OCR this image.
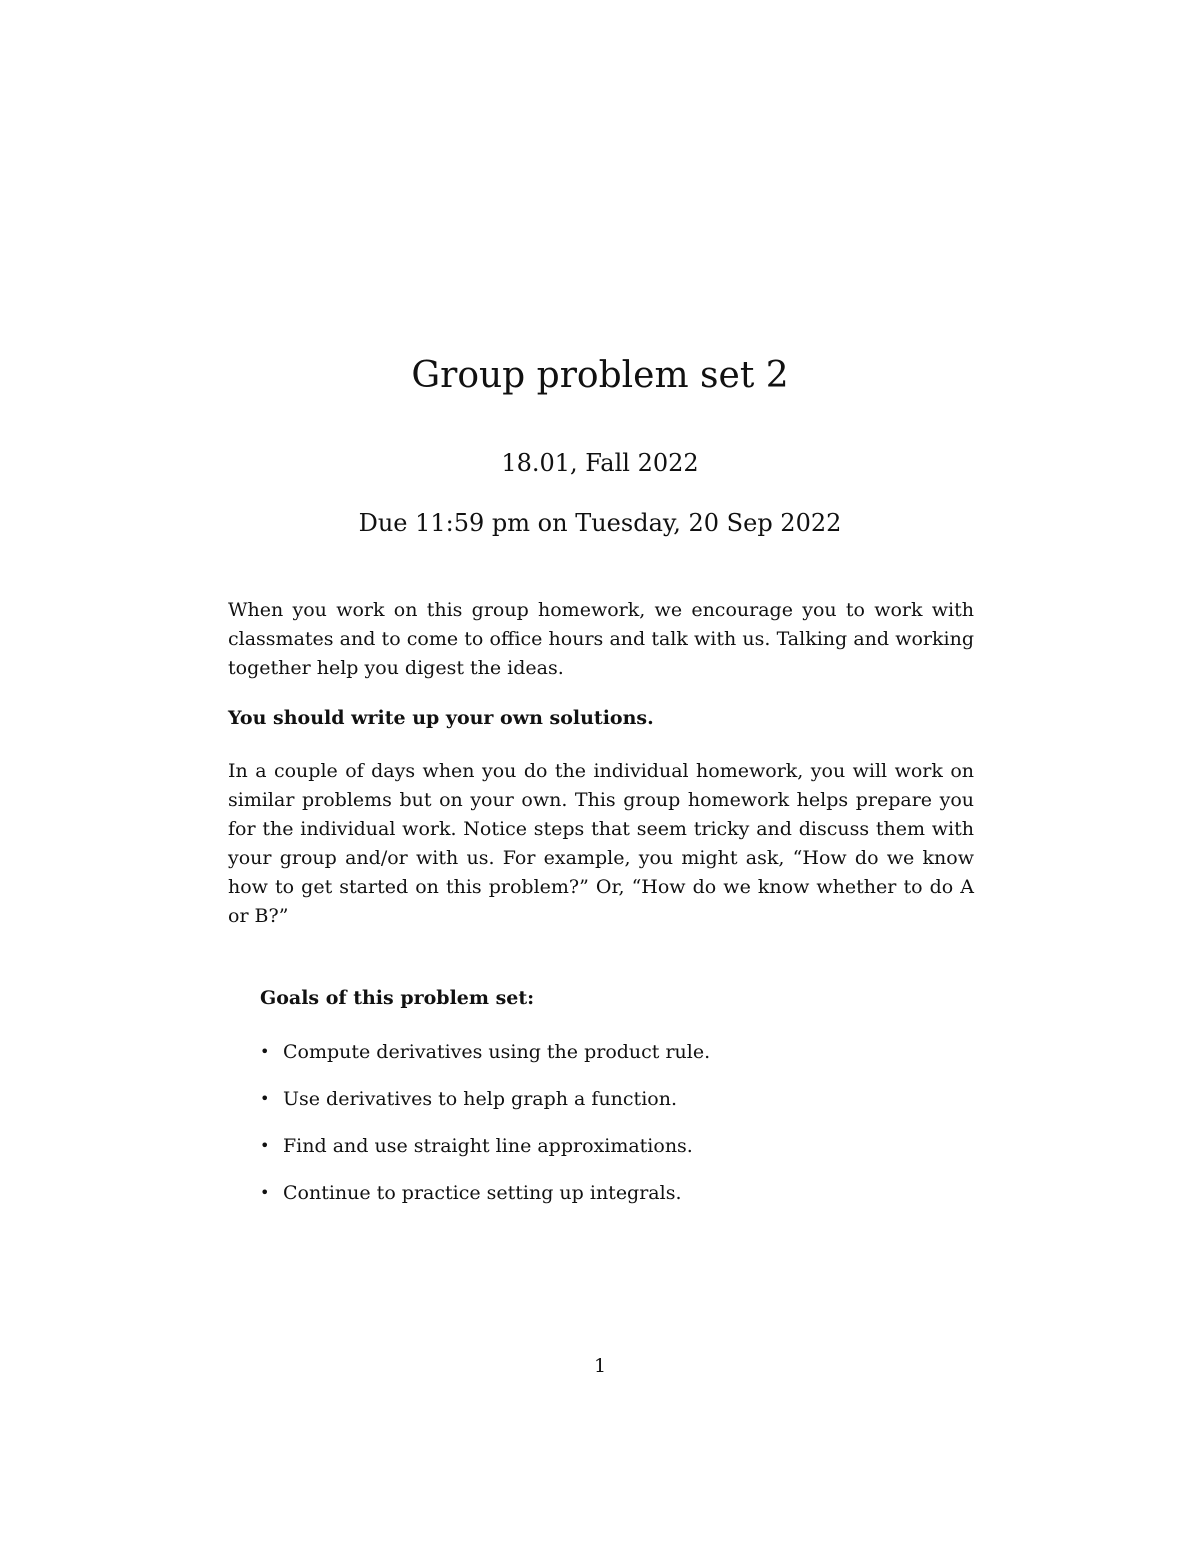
Group problem set 2
18.01, Fall 2022
Due 11:59 pm on Tuesday, 20 Sep 2022

When you work on this group homework, we encourage you to work with classmates and to come to office hours and talk with us. Talking and working together help you digest the ideas.

You should write up your own solutions.

In a couple of days when you do the individual homework, you will work on similar problems but on your own. This group homework helps prepare you for the individual work. Notice steps that seem tricky and discuss them with your group and/or with us. For example, you might ask, “How do we know how to get started on this problem?” Or, “How do we know whether to do A or B?”

Goals of this problem set:
• Compute derivatives using the product rule.
• Use derivatives to help graph a function.
• Find and use straight line approximations.
• Continue to practice setting up integrals.
1
